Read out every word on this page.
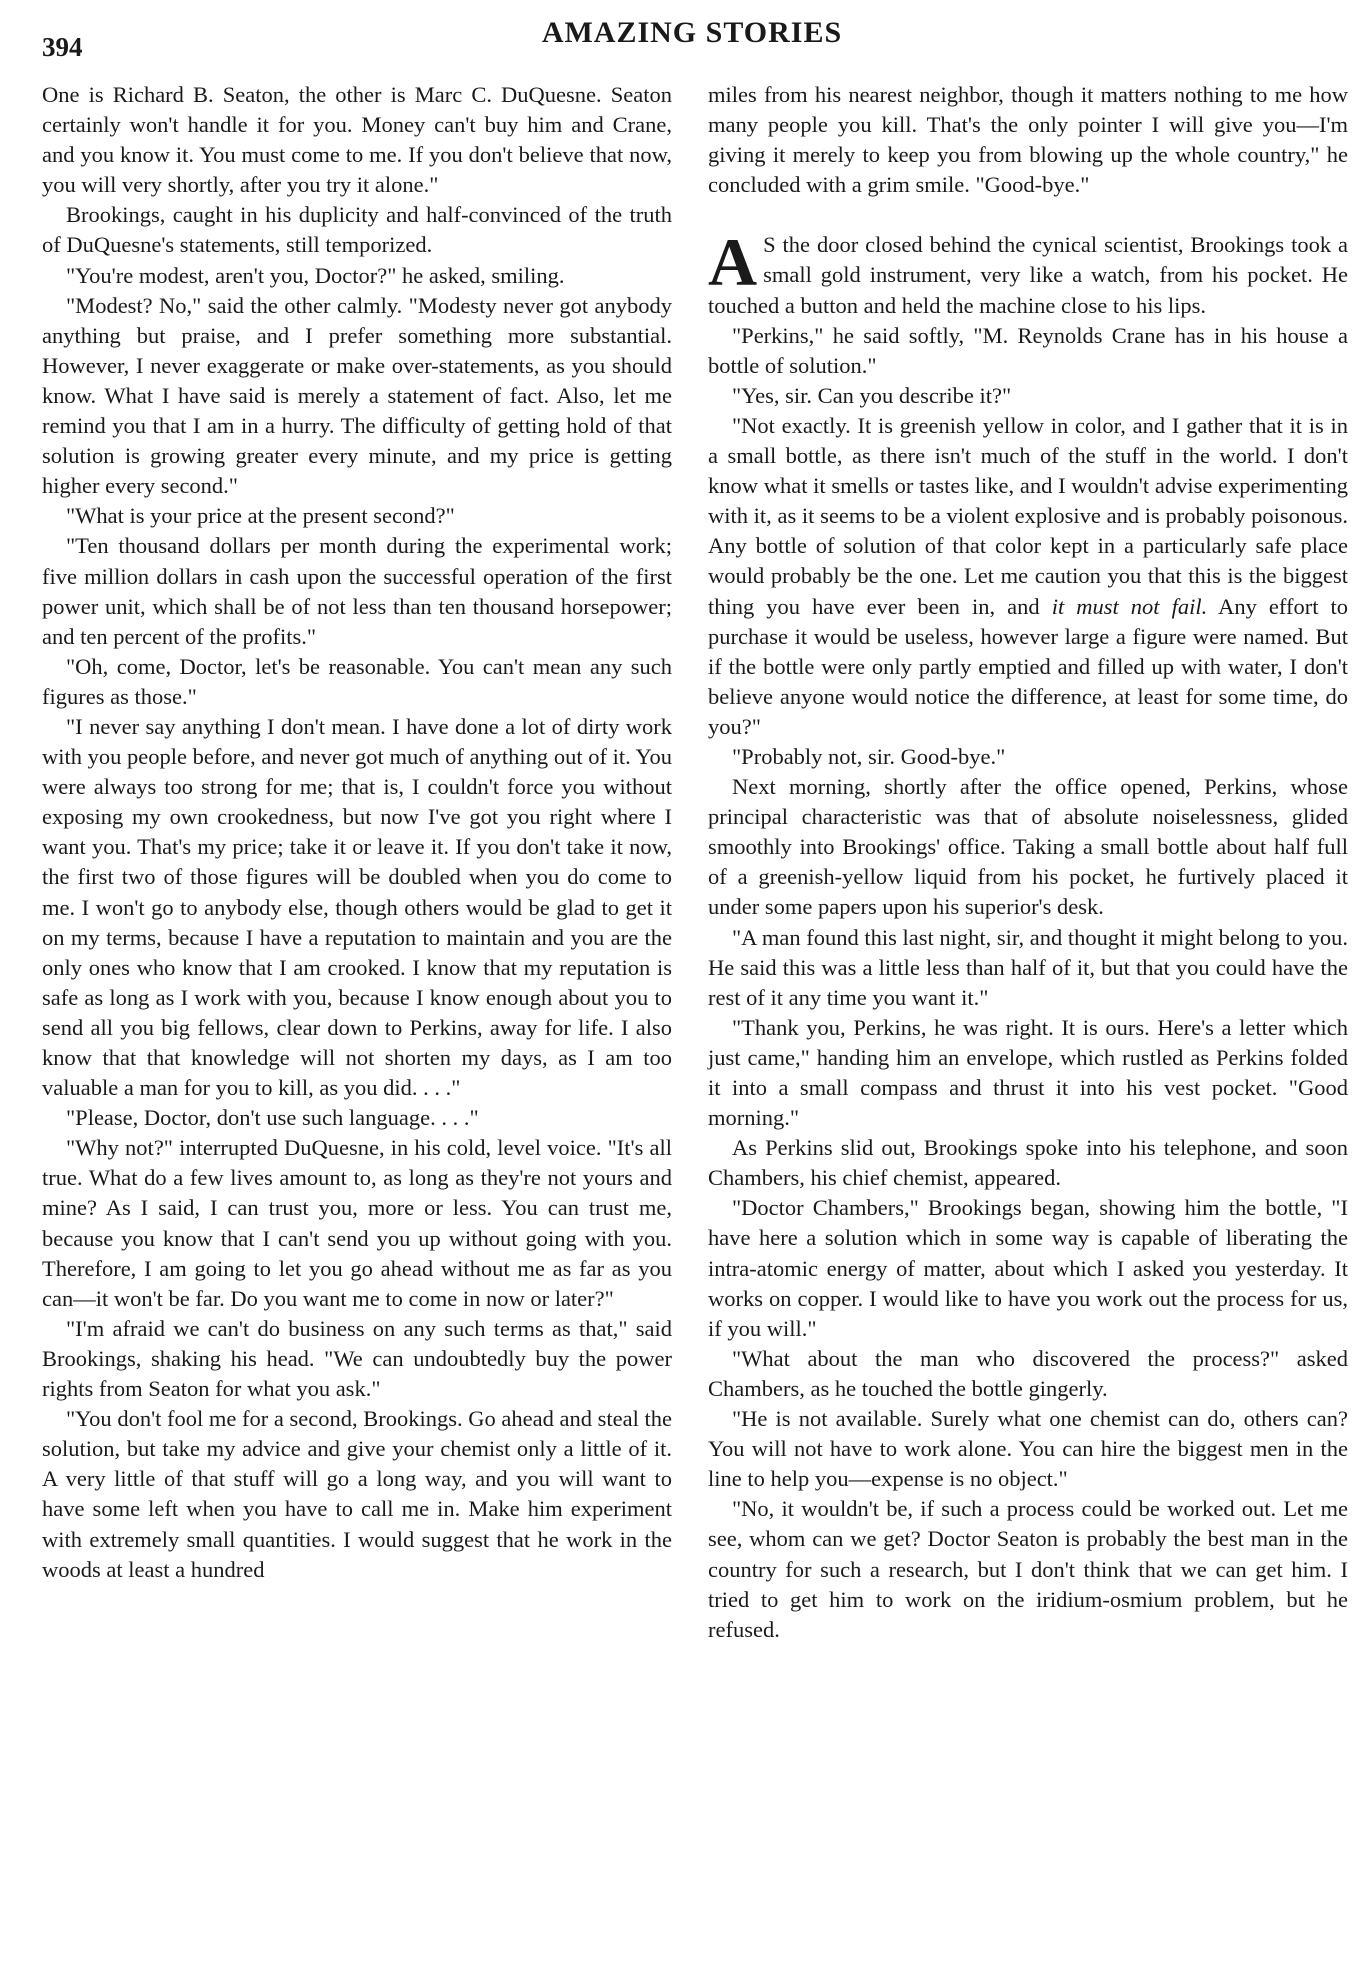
394	AMAZING STORIES

One is Richard B. Seaton, the other is Marc C. DuQuesne. Seaton certainly won't handle it for you. Money can't buy him and Crane, and you know it. You must come to me. If you don't believe that now, you will very shortly, after you try it alone."

Brookings, caught in his duplicity and half-convinced of the truth of DuQuesne's statements, still temporized.

"You're modest, aren't you, Doctor?" he asked, smiling.

"Modest? No," said the other calmly. "Modesty never got anybody anything but praise, and I prefer something more substantial. However, I never exaggerate or make over-statements, as you should know. What I have said is merely a statement of fact. Also, let me remind you that I am in a hurry. The difficulty of getting hold of that solution is growing greater every minute, and my price is getting higher every second."

"What is your price at the present second?"

"Ten thousand dollars per month during the experimental work; five million dollars in cash upon the successful operation of the first power unit, which shall be of not less than ten thousand horsepower; and ten percent of the profits."

"Oh, come, Doctor, let's be reasonable. You can't mean any such figures as those."

"I never say anything I don't mean. I have done a lot of dirty work with you people before, and never got much of anything out of it. You were always too strong for me; that is, I couldn't force you without exposing my own crookedness, but now I've got you right where I want you. That's my price; take it or leave it. If you don't take it now, the first two of those figures will be doubled when you do come to me. I won't go to anybody else, though others would be glad to get it on my terms, because I have a reputation to maintain and you are the only ones who know that I am crooked. I know that my reputation is safe as long as I work with you, because I know enough about you to send all you big fellows, clear down to Perkins, away for life. I also know that that knowledge will not shorten my days, as I am too valuable a man for you to kill, as you did. . . ."

"Please, Doctor, don't use such language. . . ."

"Why not?" interrupted DuQuesne, in his cold, level voice. "It's all true. What do a few lives amount to, as long as they're not yours and mine? As I said, I can trust you, more or less. You can trust me, because you know that I can't send you up without going with you. Therefore, I am going to let you go ahead without me as far as you can—it won't be far. Do you want me to come in now or later?"

"I'm afraid we can't do business on any such terms as that," said Brookings, shaking his head. "We can undoubtedly buy the power rights from Seaton for what you ask."

"You don't fool me for a second, Brookings. Go ahead and steal the solution, but take my advice and give your chemist only a little of it. A very little of that stuff will go a long way, and you will want to have some left when you have to call me in. Make him experiment with extremely small quantities. I would suggest that he work in the woods at least a hundred

miles from his nearest neighbor, though it matters nothing to me how many people you kill. That's the only pointer I will give you—I'm giving it merely to keep you from blowing up the whole country," he concluded with a grim smile. "Good-bye."

A S the door closed behind the cynical scientist, Brookings took a small gold instrument, very like a watch, from his pocket. He touched a button and held the machine close to his lips.

"Perkins," he said softly, "M. Reynolds Crane has in his house a bottle of solution."

"Yes, sir. Can you describe it?"

"Not exactly. It is greenish yellow in color, and I gather that it is in a small bottle, as there isn't much of the stuff in the world. I don't know what it smells or tastes like, and I wouldn't advise experimenting with it, as it seems to be a violent explosive and is probably poisonous. Any bottle of solution of that color kept in a particularly safe place would probably be the one. Let me caution you that this is the biggest thing you have ever been in, and it must not fail. Any effort to purchase it would be useless, however large a figure were named. But if the bottle were only partly emptied and filled up with water, I don't believe anyone would notice the difference, at least for some time, do you?"

"Probably not, sir. Good-bye."

Next morning, shortly after the office opened, Perkins, whose principal characteristic was that of absolute noiselessness, glided smoothly into Brookings' office. Taking a small bottle about half full of a greenish-yellow liquid from his pocket, he furtively placed it under some papers upon his superior's desk.

"A man found this last night, sir, and thought it might belong to you. He said this was a little less than half of it, but that you could have the rest of it any time you want it."

"Thank you, Perkins, he was right. It is ours. Here's a letter which just came," handing him an envelope, which rustled as Perkins folded it into a small compass and thrust it into his vest pocket. "Good morning."

As Perkins slid out, Brookings spoke into his telephone, and soon Chambers, his chief chemist, appeared.

"Doctor Chambers," Brookings began, showing him the bottle, "I have here a solution which in some way is capable of liberating the intra-atomic energy of matter, about which I asked you yesterday. It works on copper. I would like to have you work out the process for us, if you will."

"What about the man who discovered the process?" asked Chambers, as he touched the bottle gingerly.

"He is not available. Surely what one chemist can do, others can? You will not have to work alone. You can hire the biggest men in the line to help you—expense is no object."

"No, it wouldn't be, if such a process could be worked out. Let me see, whom can we get? Doctor Seaton is probably the best man in the country for such a research, but I don't think that we can get him. I tried to get him to work on the iridium-osmium problem, but he refused.
